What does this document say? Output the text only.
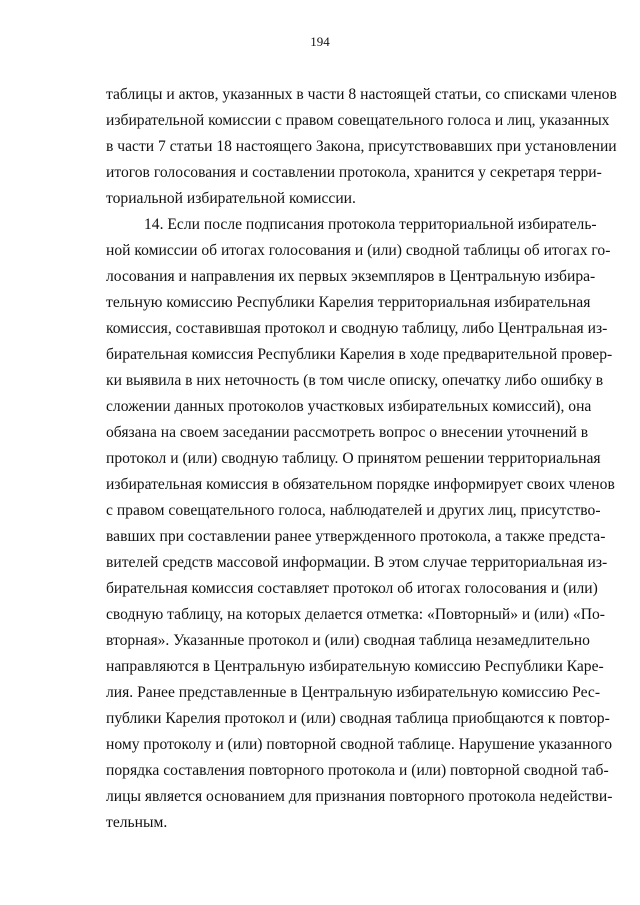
194
таблицы и актов, указанных в части 8 настоящей статьи, со списками членов
избирательной комиссии с правом совещательного голоса и лиц, указанных
в части 7 статьи 18 настоящего Закона, присутствовавших при установлении
итогов голосования и составлении протокола, хранится у секретаря терри-
ториальной избирательной комиссии.
14. Если после подписания протокола территориальной избиратель-
ной комиссии об итогах голосования и (или) сводной таблицы об итогах го-
лосования и направления их первых экземпляров в Центральную избира-
тельную комиссию Республики Карелия территориальная избирательная
комиссия, составившая протокол и сводную таблицу, либо Центральная из-
бирательная комиссия Республики Карелия в ходе предварительной провер-
ки выявила в них неточность (в том числе описку, опечатку либо ошибку в
сложении данных протоколов участковых избирательных комиссий), она
обязана на своем заседании рассмотреть вопрос о внесении уточнений в
протокол и (или) сводную таблицу. О принятом решении территориальная
избирательная комиссия в обязательном порядке информирует своих членов
с правом совещательного голоса, наблюдателей и других лиц, присутство-
вавших при составлении ранее утвержденного протокола, а также предста-
вителей средств массовой информации. В этом случае территориальная из-
бирательная комиссия составляет протокол об итогах голосования и (или)
сводную таблицу, на которых делается отметка: «Повторный» и (или) «По-
вторная». Указанные протокол и (или) сводная таблица незамедлительно
направляются в Центральную избирательную комиссию Республики Каре-
лия. Ранее представленные в Центральную избирательную комиссию Рес-
публики Карелия протокол и (или) сводная таблица приобщаются к повтор-
ному протоколу и (или) повторной сводной таблице. Нарушение указанного
порядка составления повторного протокола и (или) повторной сводной таб-
лицы является основанием для признания повторного протокола недействи-
тельным.
